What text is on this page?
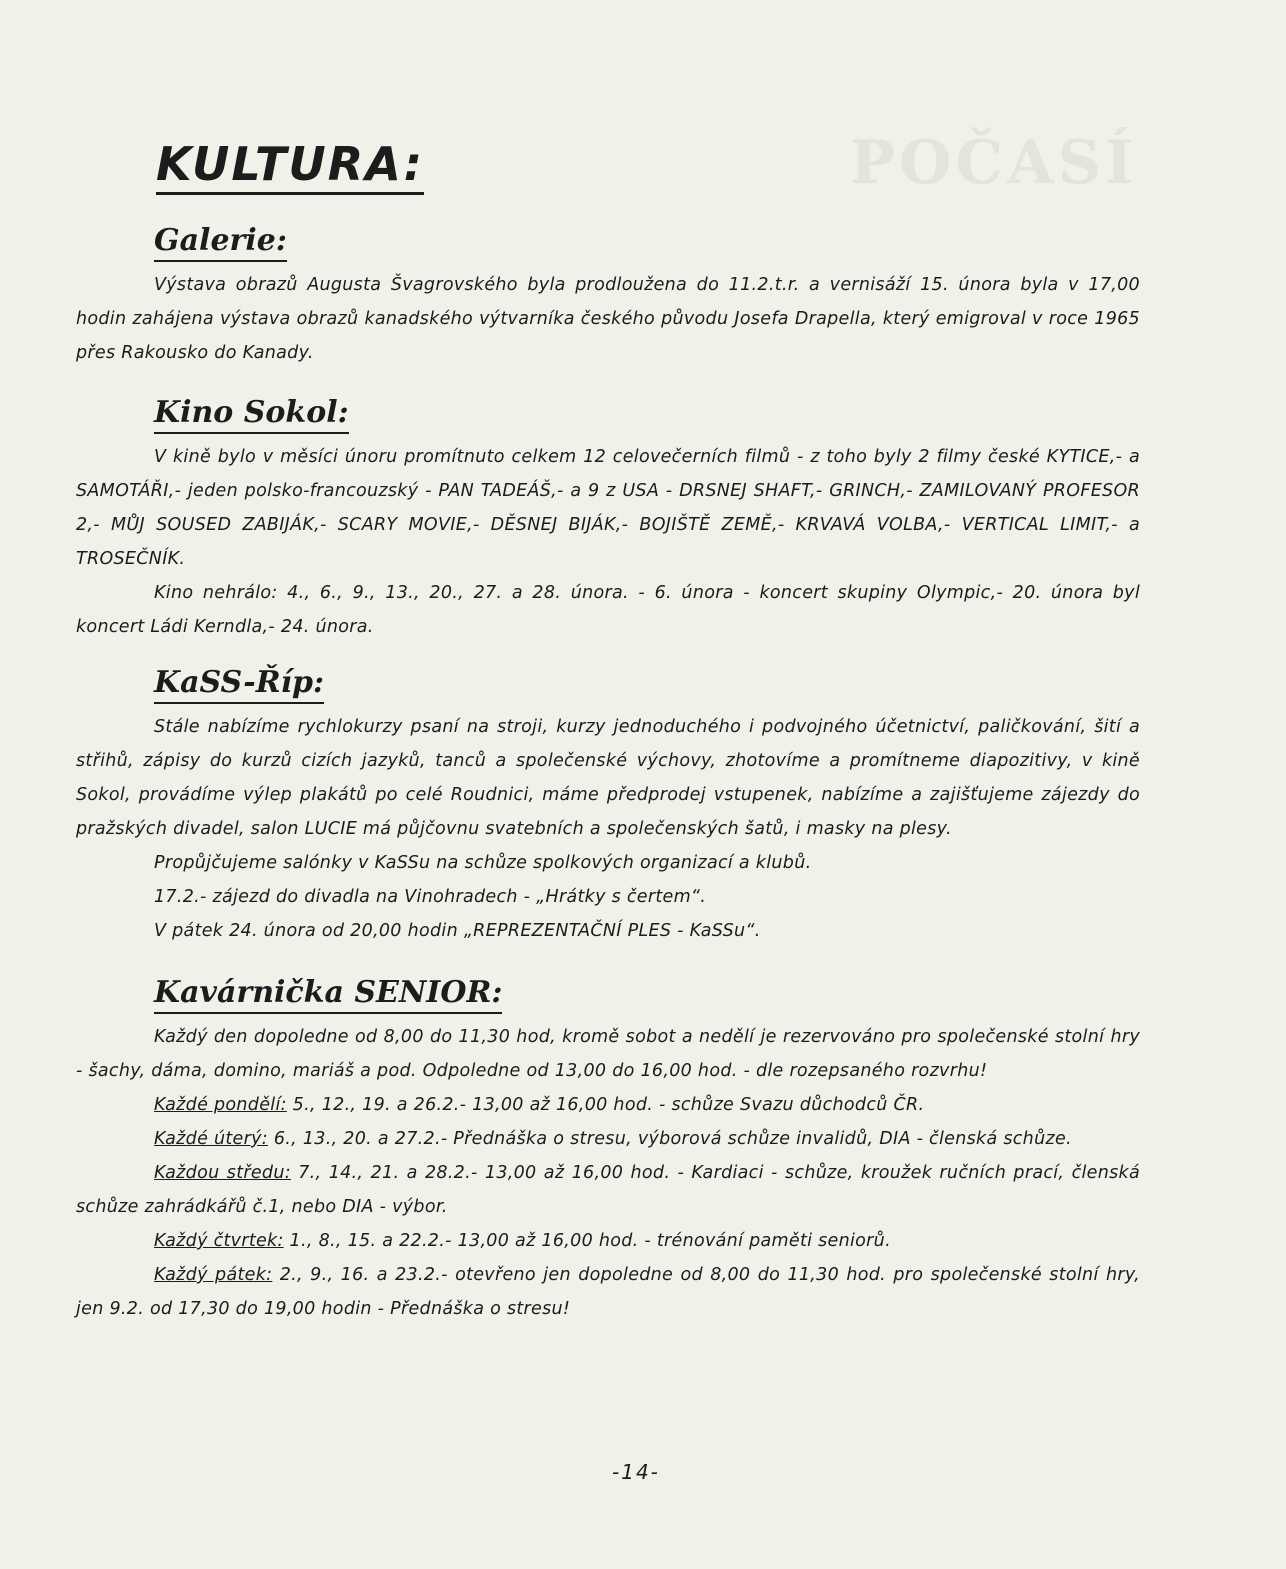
POČASÍ
KULTURA:
Galerie:

Výstava obrazů Augusta Švagrovského byla prodloužena do 11.2.t.r. a vernisáží 15. února byla v 17,00 hodin zahájena výstava obrazů kanadského výtvarníka českého původu Josefa Drapella, který emigroval v roce 1965 přes Rakousko do Kanady.

Kino Sokol:

V kině bylo v měsíci únoru promítnuto celkem 12 celovečerních filmů - z toho byly 2 filmy české KYTICE,- a SAMOTÁŘI,- jeden polsko-francouzský - PAN TADEÁŠ,- a 9 z USA - DRSNEJ SHAFT,- GRINCH,- ZAMILOVANÝ PROFESOR 2,- MŮJ SOUSED ZABIJÁK,- SCARY MOVIE,- DĚSNEJ BIJÁK,- BOJIŠTĚ ZEMĚ,- KRVAVÁ VOLBA,- VERTICAL LIMIT,- a TROSEČNÍK.

Kino nehrálo: 4., 6., 9., 13., 20., 27. a 28. února. - 6. února - koncert skupiny Olympic,- 20. února byl koncert Ládi Kerndla,- 24. února.

KaSS-Říp:

Stále nabízíme rychlokurzy psaní na stroji, kurzy jednoduchého i podvojného účetnictví, paličkování, šití a střihů, zápisy do kurzů cizích jazyků, tanců a společenské výchovy, zhotovíme a promítneme diapozitivy, v kině Sokol, provádíme výlep plakátů po celé Roudnici, máme předprodej vstupenek, nabízíme a zajišťujeme zájezdy do pražských divadel, salon LUCIE má půjčovnu svatebních a společenských šatů, i masky na plesy.

Propůjčujeme salónky v KaSSu na schůze spolkových organizací a klubů.

17.2.- zájezd do divadla na Vinohradech - „Hrátky s čertem“.

V pátek 24. února od 20,00 hodin „REPREZENTAČNÍ PLES - KaSSu“.

Kavárnička SENIOR:

Každý den dopoledne od 8,00 do 11,30 hod, kromě sobot a nedělí je rezervováno pro společenské stolní hry - šachy, dáma, domino, mariáš a pod. Odpoledne od 13,00 do 16,00 hod. - dle rozepsaného rozvrhu!

Každé pondělí: 5., 12., 19. a 26.2.- 13,00 až 16,00 hod. - schůze Svazu důchodců ČR.

Každé úterý: 6., 13., 20. a 27.2.- Přednáška o stresu, výborová schůze invalidů, DIA - členská schůze.

Každou středu: 7., 14., 21. a 28.2.- 13,00 až 16,00 hod. - Kardiaci - schůze, kroužek ručních prací, členská schůze zahrádkářů č.1, nebo DIA - výbor.

Každý čtvrtek: 1., 8., 15. a 22.2.- 13,00 až 16,00 hod. - trénování paměti seniorů.

Každý pátek: 2., 9., 16. a 23.2.- otevřeno jen dopoledne od 8,00 do 11,30 hod. pro společenské stolní hry, jen 9.2. od 17,30 do 19,00 hodin - Přednáška o stresu!

-14-
